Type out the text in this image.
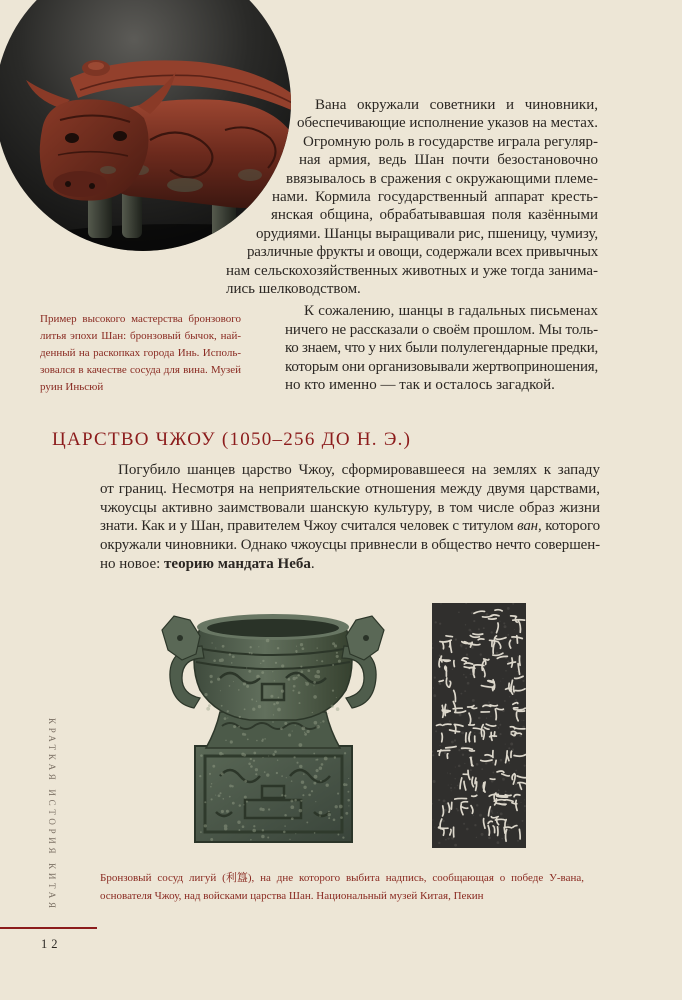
Вана окружали советники и чиновники,
обеспечивающие исполнение указов на местах.
Огромную роль в государстве играла регуляр-
ная армия, ведь Шан почти безостановочно
ввязывалось в сражения с окружающими племе-
нами. Кормила государственный аппарат кресть-
янская община, обрабатывавшая поля казёнными
орудиями. Шанцы выращивали рис, пшеницу, чумизу,
различные фрукты и овощи, содержали всех привычных
нам сельскохозяйственных животных и уже тогда занима-
лись шелководством.
Пример высокого мастерства бронзового
литья эпохи Шан: бронзовый бычок, най-
денный на раскопках города Инь. Исполь-
зовался в качестве сосуда для вина. Музей
руин Иньсюй
К сожалению, шанцы в гадальных письменах
ничего не рассказали о своём прошлом. Мы толь-
ко знаем, что у них были полулегендарные предки,
которым они организовывали жертвоприношения,
но кто именно — так и осталось загадкой.
ЦАРСТВО ЧЖОУ (1050–256 ДО Н. Э.)
Погубило шанцев царство Чжоу, сформировавшееся на землях к западу
от границ. Несмотря на неприятельские отношения между двумя царствами,
чжоусцы активно заимствовали шанскую культуру, в том числе образ жизни
знати. Как и у Шан, правителем Чжоу считался человек с титулом ван, которого
окружали чиновники. Однако чжоусцы привнесли в общество нечто совершен-
но новое: теорию мандата Неба.
Бронзовый сосуд лигуй (利簋), на дне которого выбита надпись, сообщающая о победе У-вана,
основателя Чжоу, над войсками царства Шан. Национальный музей Китая, Пекин
КРАТКАЯ ИСТОРИЯ КИТАЯ
12
